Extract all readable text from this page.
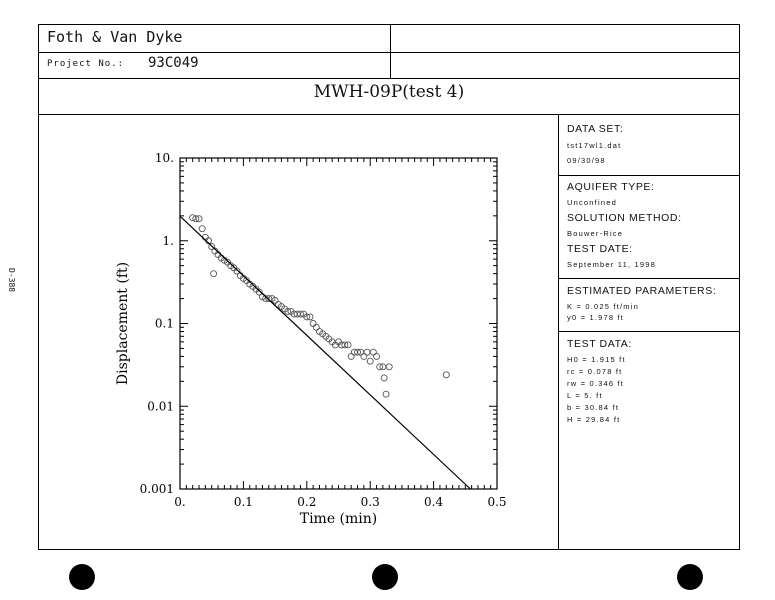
Foth & Van Dyke
Project No.: 93C049
MWH-09P(test 4)
D-388
DATA SET:
tst17wl1.dat
09/30/98
AQUIFER TYPE:
Unconfined
SOLUTION METHOD:
Bouwer-Rice
TEST DATE:
September 11, 1998
ESTIMATED PARAMETERS:
K = 0.025 ft/min
y0 = 1.978 ft
TEST DATA:
H0 = 1.915 ft
rc = 0.078 ft
rw = 0.346 ft
L = 5. ft
b = 30.84 ft
H = 29.84 ft
0.	0.1	0.2	0.3	0.4	0.5
0.001
0.01
0.1
1.
10.
Time (min)
Displacement (ft)
